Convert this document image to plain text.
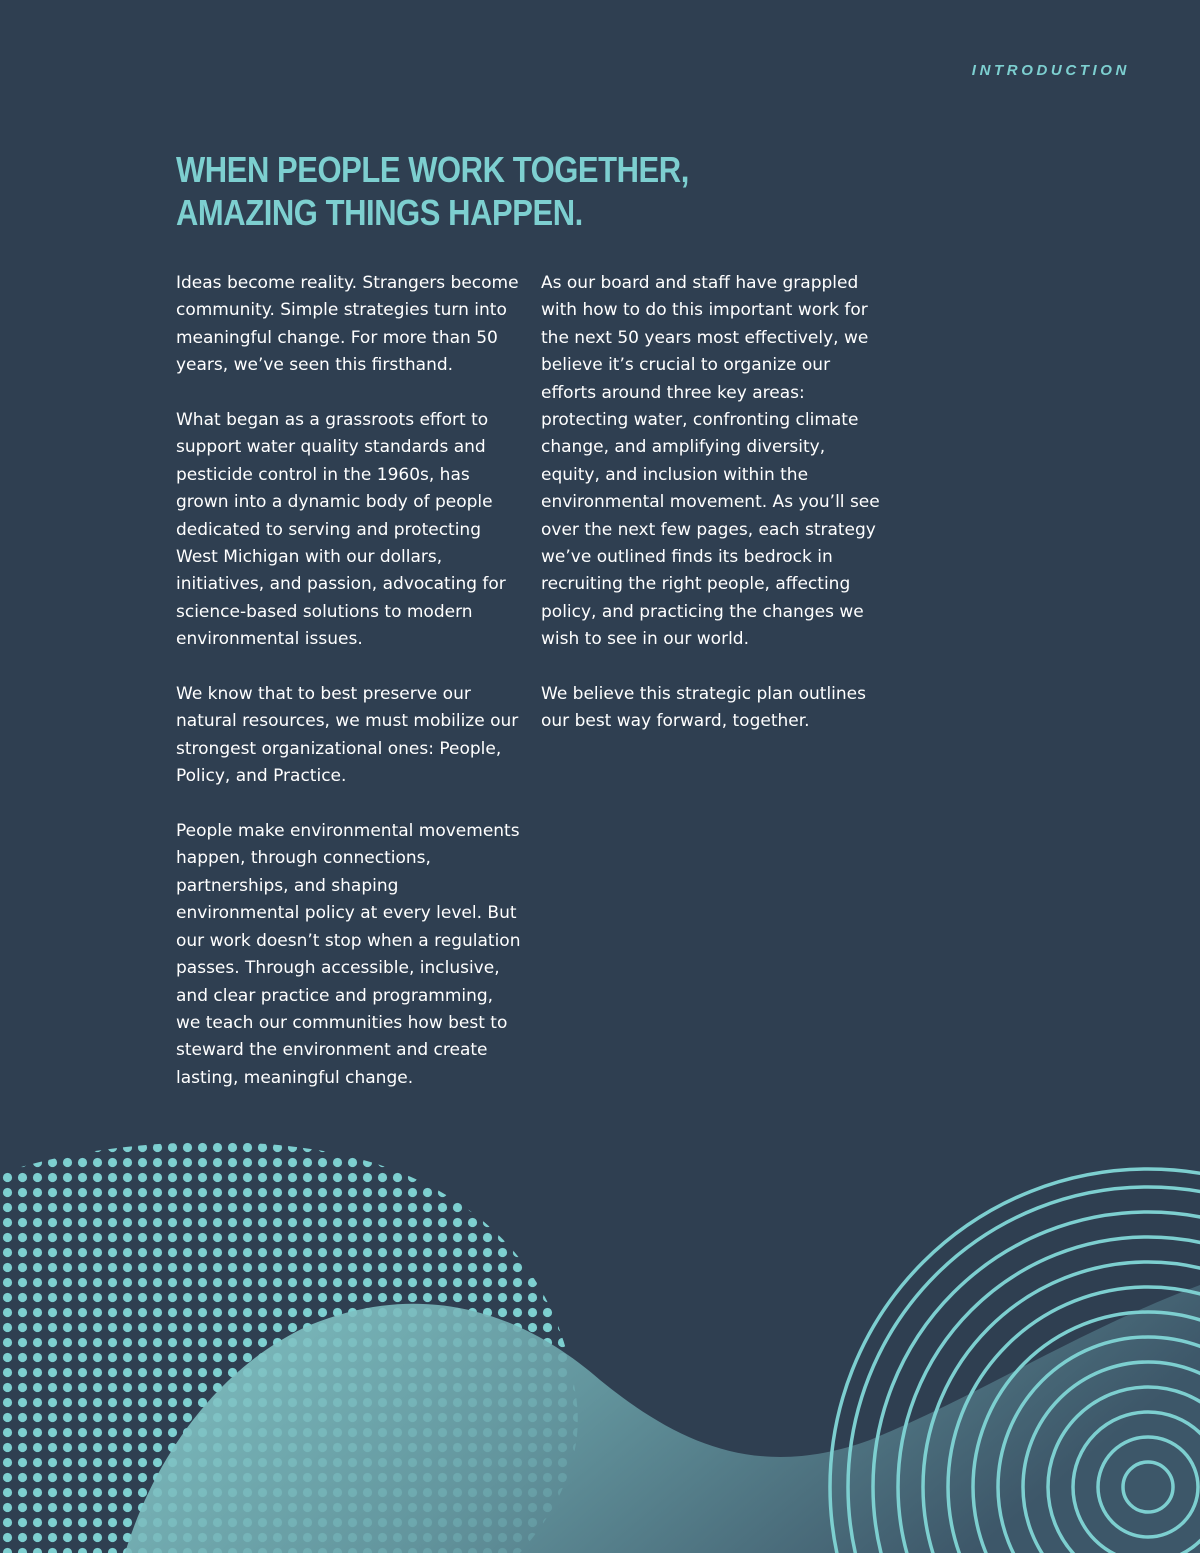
INTRODUCTION
WHEN PEOPLE WORK TOGETHER,
AMAZING THINGS HAPPEN.

Ideas become reality. Strangers become community. Simple strategies turn into meaningful change. For more than 50 years, we’ve seen this firsthand.

What began as a grassroots effort to support water quality standards and pesticide control in the 1960s, has grown into a dynamic body of people dedicated to serving and protecting West Michigan with our dollars, initiatives, and passion, advocating for science-based solutions to modern environmental issues.

We know that to best preserve our natural resources, we must mobilize our strongest organizational ones: People, Policy, and Practice.

People make environmental movements happen, through connections, partnerships, and shaping environmental policy at every level. But our work doesn’t stop when a regulation passes. Through accessible, inclusive, and clear practice and programming, we teach our communities how best to steward the environment and create lasting, meaningful change.

As our board and staff have grappled with how to do this important work for the next 50 years most effectively, we believe it’s crucial to organize our efforts around three key areas: protecting water, confronting climate change, and amplifying diversity, equity, and inclusion within the environmental movement. As you’ll see over the next few pages, each strategy we’ve outlined finds its bedrock in recruiting the right people, affecting policy, and practicing the changes we wish to see in our world.

We believe this strategic plan outlines our best way forward, together.
